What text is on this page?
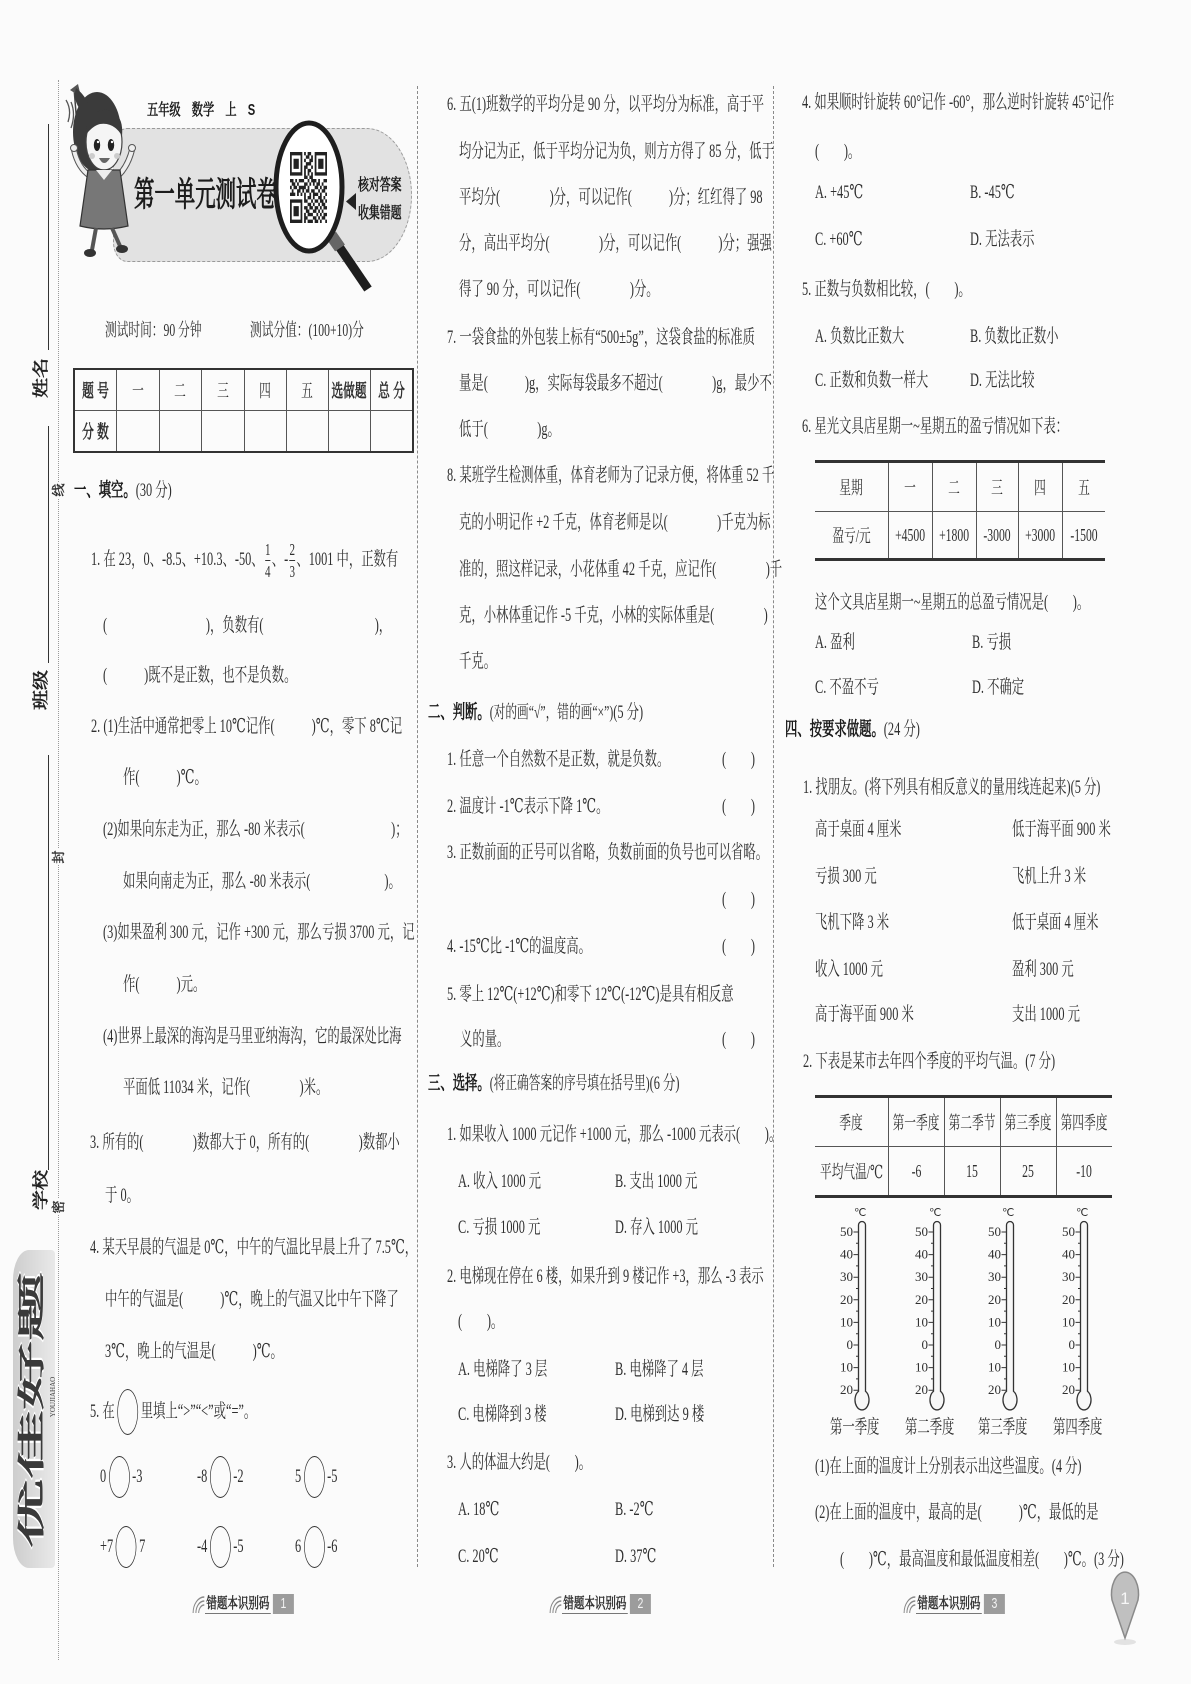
姓名
班级
学校
线
封
密
优佳好题 YOUJIAHAO
五年级　数学　上　S
第一单元测试卷	核对答案
收集错题
测试时间：90 分钟	测试分值：(100+10)分
题 号	一	二	三	四	五	选做题	总 分

分 数							

一、填空。(30 分)
1. 在 23，0、-8.5、+10.3、-50、 $\frac{1}{4}$ 、- $\frac{2}{3}$ 、1001 中，正数有
(　　　　　　　　)，负数有(　　　　　　　　　)，
(　　　)既不是正数，也不是负数。
2. (1)生活中通常把零上 10℃记作(　　　)℃，零下 8℃记
作(　　　)℃。
(2)如果向东走为正，那么 -80 米表示(　　　　　　　)；
如果向南走为正，那么 -80 米表示(　　　　　　)。
(3)如果盈利 300 元，记作 +300 元，那么亏损 3700 元，记
作(　　　)元。
(4)世界上最深的海沟是马里亚纳海沟，它的最深处比海
平面低 11034 米，记作(　　　　)米。
3. 所有的(　　　　)数都大于 0，所有的(　　　　)数都小
于 0。
4. 某天早晨的气温是 0℃，中午的气温比早晨上升了 7.5℃，
中午的气温是(　　　)℃，晚上的气温又比中午下降了
3℃，晚上的气温是(　　　)℃。
5. 在 里填上“>”“<”或“=”。
0 -3	-8 -2	5 -5
+7 7	-4 -5	6 -6
6. 五(1)班数学的平均分是 90 分，以平均分为标准，高于平
均分记为正，低于平均分记为负，则方方得了 85 分，低于
平均分(　　　　)分，可以记作(　　　)分；红红得了 98
分，高出平均分(　　　　)分，可以记作(　　　)分；强强
得了 90 分，可以记作(　　　　)分。
7. 一袋食盐的外包装上标有“500±5g”，这袋食盐的标准质
量是(　　　)g，实际每袋最多不超过(　　　　)g，最少不
低于(　　　　)g。
8. 某班学生检测体重，体育老师为了记录方便，将体重 52 千
克的小明记作 +2 千克，体育老师是以(　　　　)千克为标
准的，照这样记录，小花体重 42 千克，应记作(　　　　)千
克，小林体重记作 -5 千克，小林的实际体重是(　　　　)
千克。
二、判断。(对的画“√”，错的画“×”)(5 分)
1. 任意一个自然数不是正数，就是负数。	(　　)
2. 温度计 -1℃表示下降 1℃。	(　　)
3. 正数前面的正号可以省略，负数前面的负号也可以省略。
(　　)
4. -15℃比 -1℃的温度高。	(　　)
5. 零上 12℃(+12℃)和零下 12℃(-12℃)是具有相反意
义的量。	(　　)
三、选择。(将正确答案的序号填在括号里)(6 分)
1. 如果收入 1000 元记作 +1000 元，那么 -1000 元表示(　　)。
A. 收入 1000 元	B. 支出 1000 元
C. 亏损 1000 元	D. 存入 1000 元
2. 电梯现在停在 6 楼，如果升到 9 楼记作 +3，那么 -3 表示
(　　)。
A. 电梯降了 3 层	B. 电梯降了 4 层
C. 电梯降到 3 楼	D. 电梯到达 9 楼
3. 人的体温大约是(　　)。
A. 18℃	B. -2℃
C. 20℃	D. 37℃
4. 如果顺时针旋转 60°记作 -60°，那么逆时针旋转 45°记作
(　　)。
A. +45℃	B. -45℃
C. +60℃	D. 无法表示
5. 正数与负数相比较，(　　)。
A. 负数比正数大	B. 负数比正数小
C. 正数和负数一样大 D. 无法比较
6. 星光文具店星期一~星期五的盈亏情况如下表：
星期	一	二	三	四	五

盈亏/元	+4500	+1800	-3000	+3000	-1500
这个文具店星期一~星期五的总盈亏情况是(　　)。
A. 盈利	B. 亏损
C. 不盈不亏	D. 不确定
四、按要求做题。(24 分)
1. 找朋友。(将下列具有相反意义的量用线连起来)(5 分)
高于桌面 4 厘米	低于海平面 900 米
亏损 300 元	飞机上升 3 米
飞机下降 3 米	低于桌面 4 厘米
收入 1000 元	盈利 300 元
高于海平面 900 米	支出 1000 元
2. 下表是某市去年四个季度的平均气温。(7 分)
季度	第一季度	第二季节	第三季度	第四季度

平均气温/℃	-6	15	25	-10
℃
50
40
30
20
10
0
10
20
℃
50
40
30
20
10
0
10
20
℃
50
40
30
20
10
0
10
20
℃
50
40
30
20
10
0
10
20
第一季度 第二季度 第三季度 第四季度
(1)在上面的温度计上分别表示出这些温度。(4 分)
(2)在上面的温度中，最高的是(　　　)℃，最低的是
(　　)℃，最高温度和最低温度相差(　　)℃。(3 分)
错题本识别码 1	错题本识别码 2	错题本识别码 3	1
